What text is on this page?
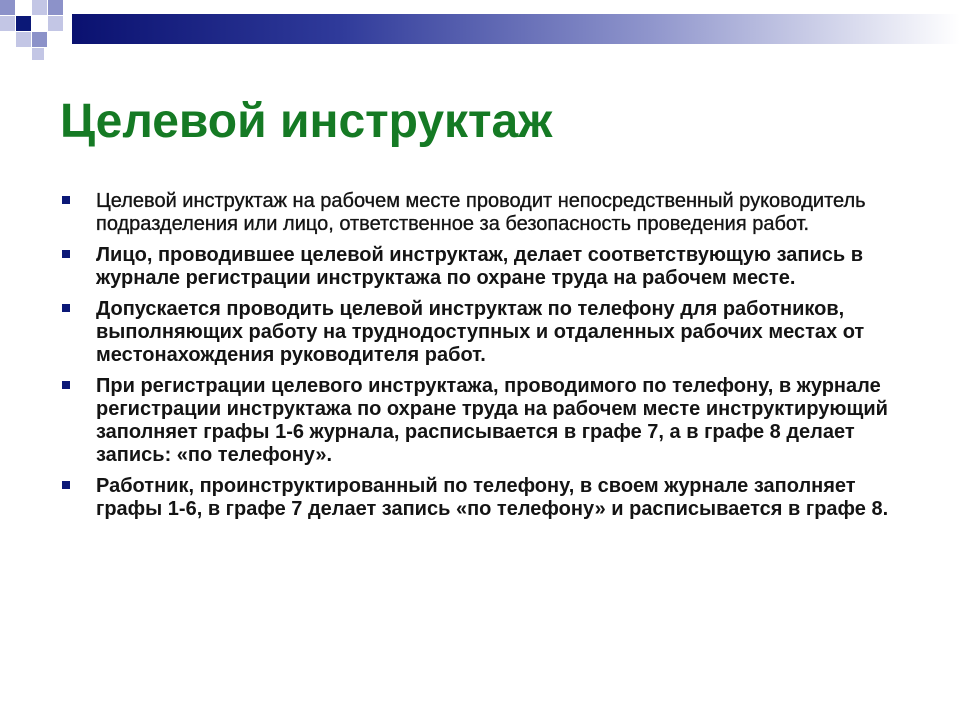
Целевой инструктаж
Целевой инструктаж на рабочем месте проводит непосредственный руководитель подразделения или лицо, ответственное за безопасность проведения работ.
Лицо, проводившее целевой инструктаж, делает соответствующую запись в журнале регистрации инструктажа по охране труда на рабочем месте.
Допускается проводить целевой инструктаж по телефону для работников, выполняющих работу на труднодоступных и отдаленных рабочих местах от местонахождения руководителя работ.
При регистрации целевого инструктажа, проводимого по телефону, в журнале регистрации инструктажа по охране труда на рабочем месте инструктирующий заполняет графы 1-6 журнала, расписывается в графе 7, а в графе 8 делает запись: «по телефону».
Работник, проинструктированный по телефону, в своем журнале заполняет графы 1-6, в графе 7 делает запись «по телефону» и расписывается в графе 8.
